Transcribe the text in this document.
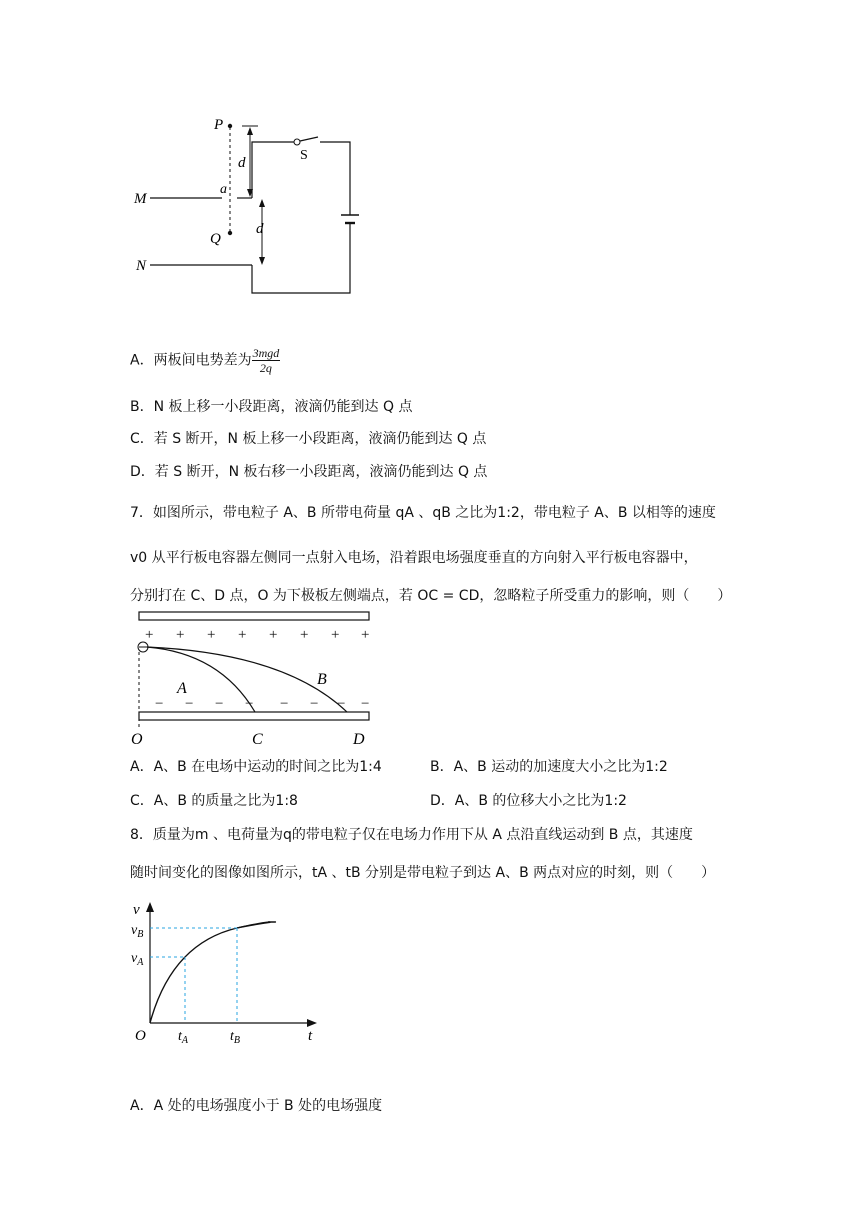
P
Q
M
a
N
S
d
d
A．两板间电势差为 $\frac{\text{3mgd}}{2q}$
B．N 板上移一小段距离，液滴仍能到达 Q 点
C．若 S 断开，N 板上移一小段距离，液滴仍能到达 Q 点
D．若 S 断开，N 板右移一小段距离，液滴仍能到达 Q 点
7．如图所示，带电粒子 A、B 所带电荷量 qA 、qB 之比为1:2，带电粒子 A、B 以相等的速度
v0 从平行板电容器左侧同一点射入电场，沿着跟电场强度垂直的方向射入平行板电容器中，
分别打在 C、D 点，O 为下极板左侧端点，若 OC = CD，忽略粒子所受重力的影响，则（　　）
+ + + + + + + +
− − − − − − − −
A
B
O	C	D
A．A、B 在电场中运动的时间之比为1:4	B．A、B 运动的加速度大小之比为1:2
C．A、B 的质量之比为1:8	D．A、B 的位移大小之比为1:2
8．质量为m 、电荷量为q的带电粒子仅在电场力作用下从 A 点沿直线运动到 B 点，其速度
随时间变化的图像如图所示，tA 、tB 分别是带电粒子到达 A、B 两点对应的时刻，则（　　）
v
$v_B$
$v_A$
O $t_A$	$t_B$	t
A．A 处的电场强度小于 B 处的电场强度
